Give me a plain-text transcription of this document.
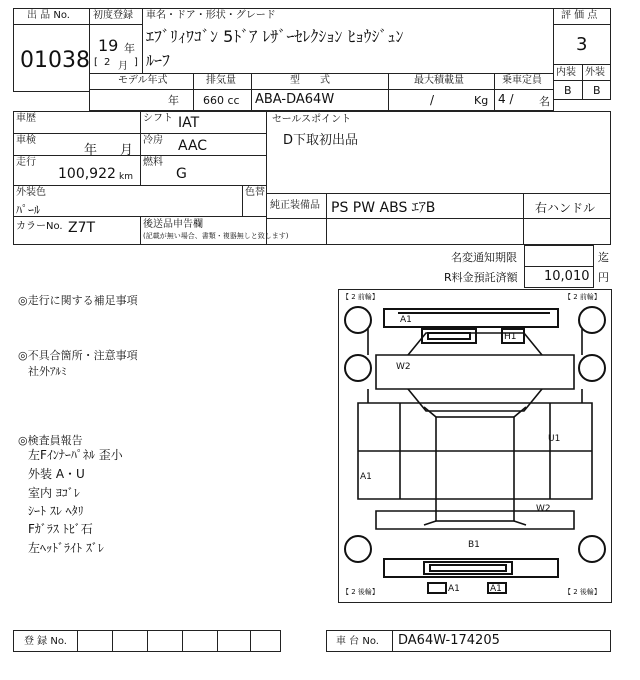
出 品 No.
01038
初度登録
19 年
[ 2 月 ]
車名・ドア・形状・グレード
ｴﾌﾞﾘｨﾜｺﾞﾝ 5ﾄﾞｱ ﾚｻﾞｰｾﾚｸｼｮﾝ ﾋｮｳｼﾞｭﾝ
ﾙｰﾌ
評 価 点
3
内装 外装
B B
モデル年式
年
排気量
660 cc
型　　式
ABA-DA64W
最大積載量
/	Kg
乗車定員
4 / 名
車歴	シフト IAT
車検
年 月
冷房 AAC
走行
100,922 km
燃料
G
外装色
ﾊﾟｰﾙ
色替
カラーNo. Z7T	後送品申告欄
(記載が無い場合、書類・複器無しと致します)
セールスポイント
D下取初出品
純正装備品 PS PW ABS ｴｱB	右ハンドル
名変通知期限	迄
R料金預託済額 10,010 円
◎走行に関する補足事項
◎不具合箇所・注意事項
社外ｱﾙﾐ
◎検査員報告
左Fｲﾝﾅｰﾊﾟﾈﾙ 歪小
外装 A・U
室内 ﾖｺﾞﾚ
ｼｰﾄ ｽﾚ ﾍﾀﾘ
Fｶﾞﾗｽ ﾄﾋﾞ石
左ﾍｯﾄﾞﾗｲﾄ ｽﾞﾚ
【 2 前輪】	【 2 前輪】
【 2 後輪】	【 2 後輪】
A1
H1
W2
U1
A1
W2
B1
A1	A1
登 録 No.	車 台 No. DA64W-174205
